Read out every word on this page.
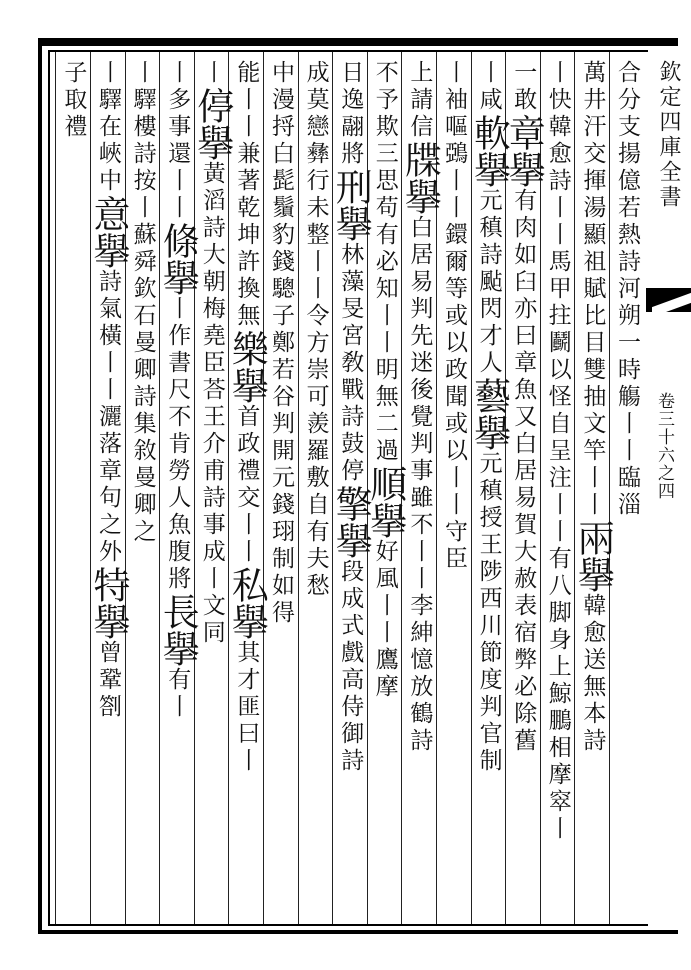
欽定四庫全書
卷三十六之四
合分支揚億若熱詩河朔一時觴丨丨臨淄
萬井汗交揮湯顯祖賦比目雙抽文竿丨丨兩擧韓愈送無本詩
丨快韓愈詩丨丨馬甲拄鬬以怪自呈注丨丨有八脚身上鯨鵬相摩窣丨
一敢章擧有肉如臼亦曰章魚又白居易賀大赦表宿弊必除舊
丨咸軟擧元稹詩颭閃才人藝擧元稹授王陟西川節度判官制
丨袖嘔鵶丨丨鐶爾等或以政聞或以丨丨守臣
上請信牒擧白居易判先迷後覺判事雖不丨丨李紳憶放鶴詩
不予欺三思苟有必知丨丨明無二過順擧好風丨丨鷹摩
日逸翮將刑擧林藻旻宮敎戰詩鼓停擎擧段成式戲高侍御詩
成莫戀彝行未整丨丨令方崇可羨羅敷自有夫愁
中漫捋白髭鬚豹錢驄子鄭若谷判開元錢珝制如得
能丨丨兼著乾坤許換無樂擧首政禮交丨丨私擧其才匪曰丨
丨停擧黃滔詩大朝梅堯臣荅王介甫詩事成丨文同
丨多事還丨丨條擧丨作書尺不肯勞人魚腹將長擧有丨
丨驛樓詩按丨蘇舜欽石曼卿詩集敘曼卿之
丨驛在峽中意擧詩氣橫丨丨灑落章句之外特擧曾鞏劄
子取禮
